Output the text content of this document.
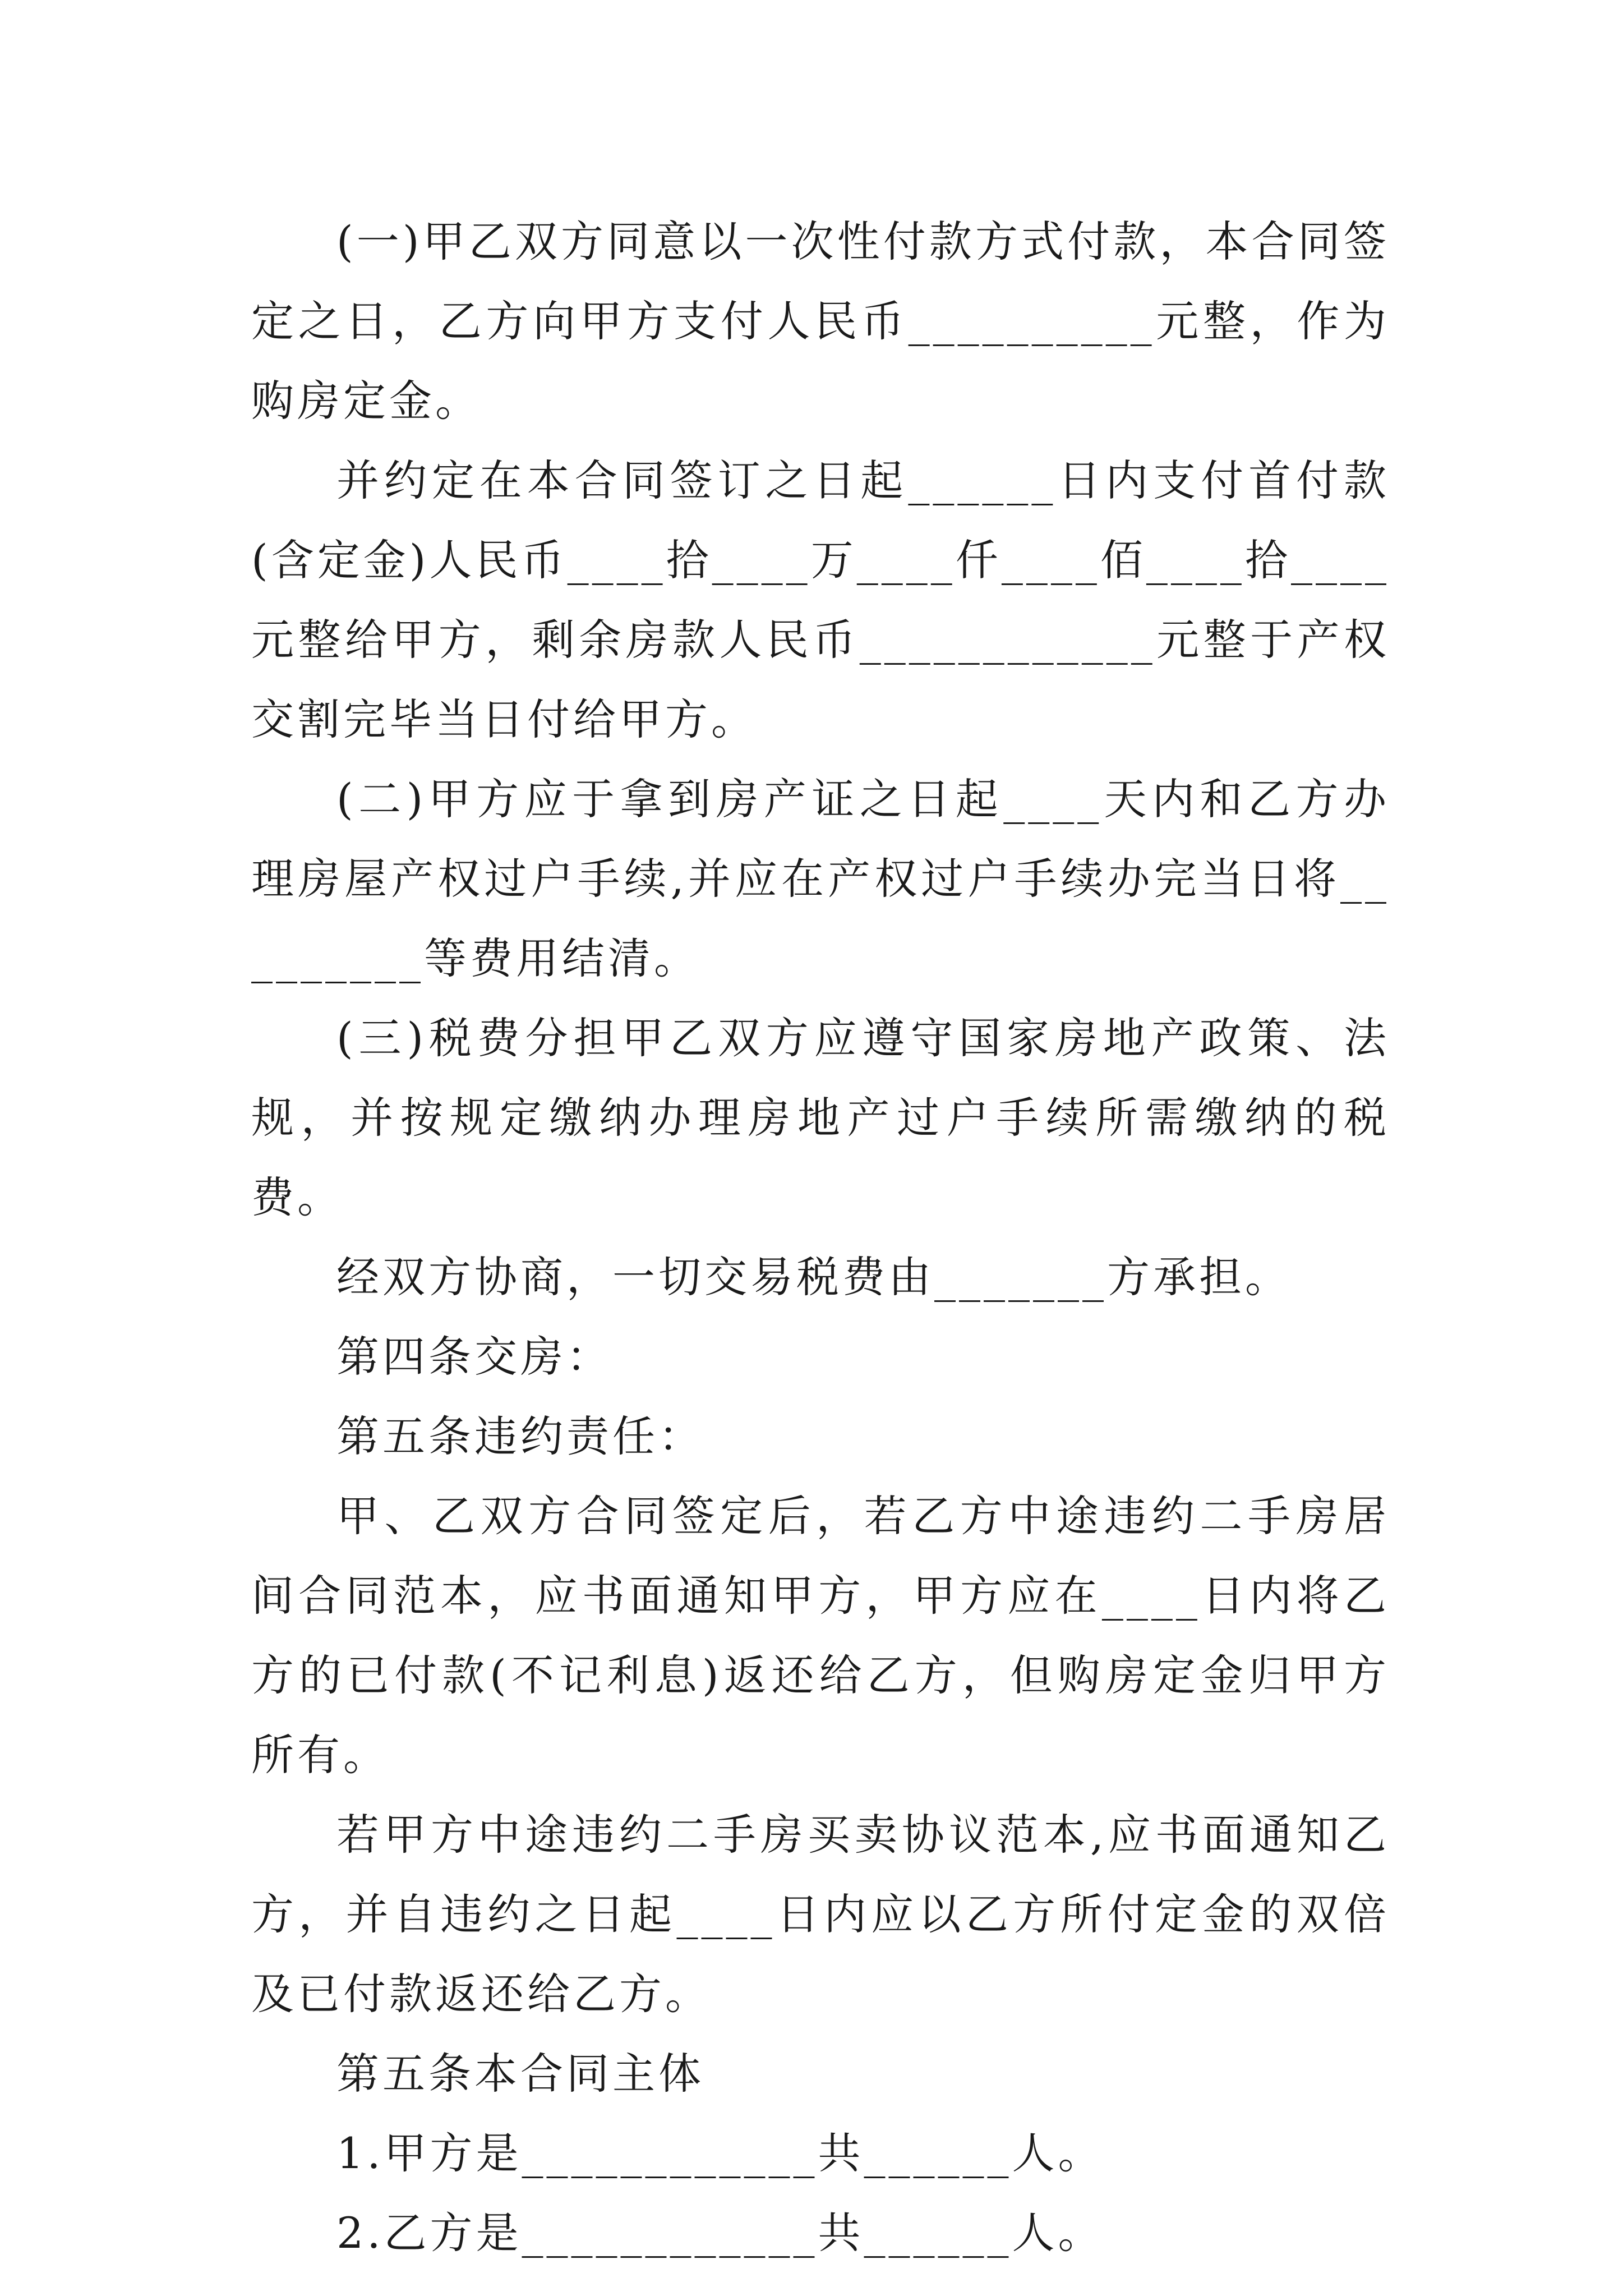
(一)甲乙双方同意以一次性付款方式付款，本合同签定之日，乙方向甲方支付人民币__________元整，作为购房定金。

并约定在本合同签订之日起______日内支付首付款(含定金)人民币____拾____万____仟____佰____拾____元整给甲方，剩余房款人民币____________元整于产权交割完毕当日付给甲方。

(二)甲方应于拿到房产证之日起____天内和乙方办理房屋产权过户手续,并应在产权过户手续办完当日将_________等费用结清。

(三)税费分担甲乙双方应遵守国家房地产政策、法规，并按规定缴纳办理房地产过户手续所需缴纳的税费。

经双方协商，一切交易税费由_______方承担。

第四条交房：

第五条违约责任：

甲、乙双方合同签定后，若乙方中途违约二手房居间合同范本，应书面通知甲方，甲方应在____日内将乙方的已付款(不记利息)返还给乙方，但购房定金归甲方所有。

若甲方中途违约二手房买卖协议范本,应书面通知乙方，并自违约之日起____日内应以乙方所付定金的双倍及已付款返还给乙方。

第五条本合同主体

1.甲方是____________共______人。

2.乙方是____________共______人。
